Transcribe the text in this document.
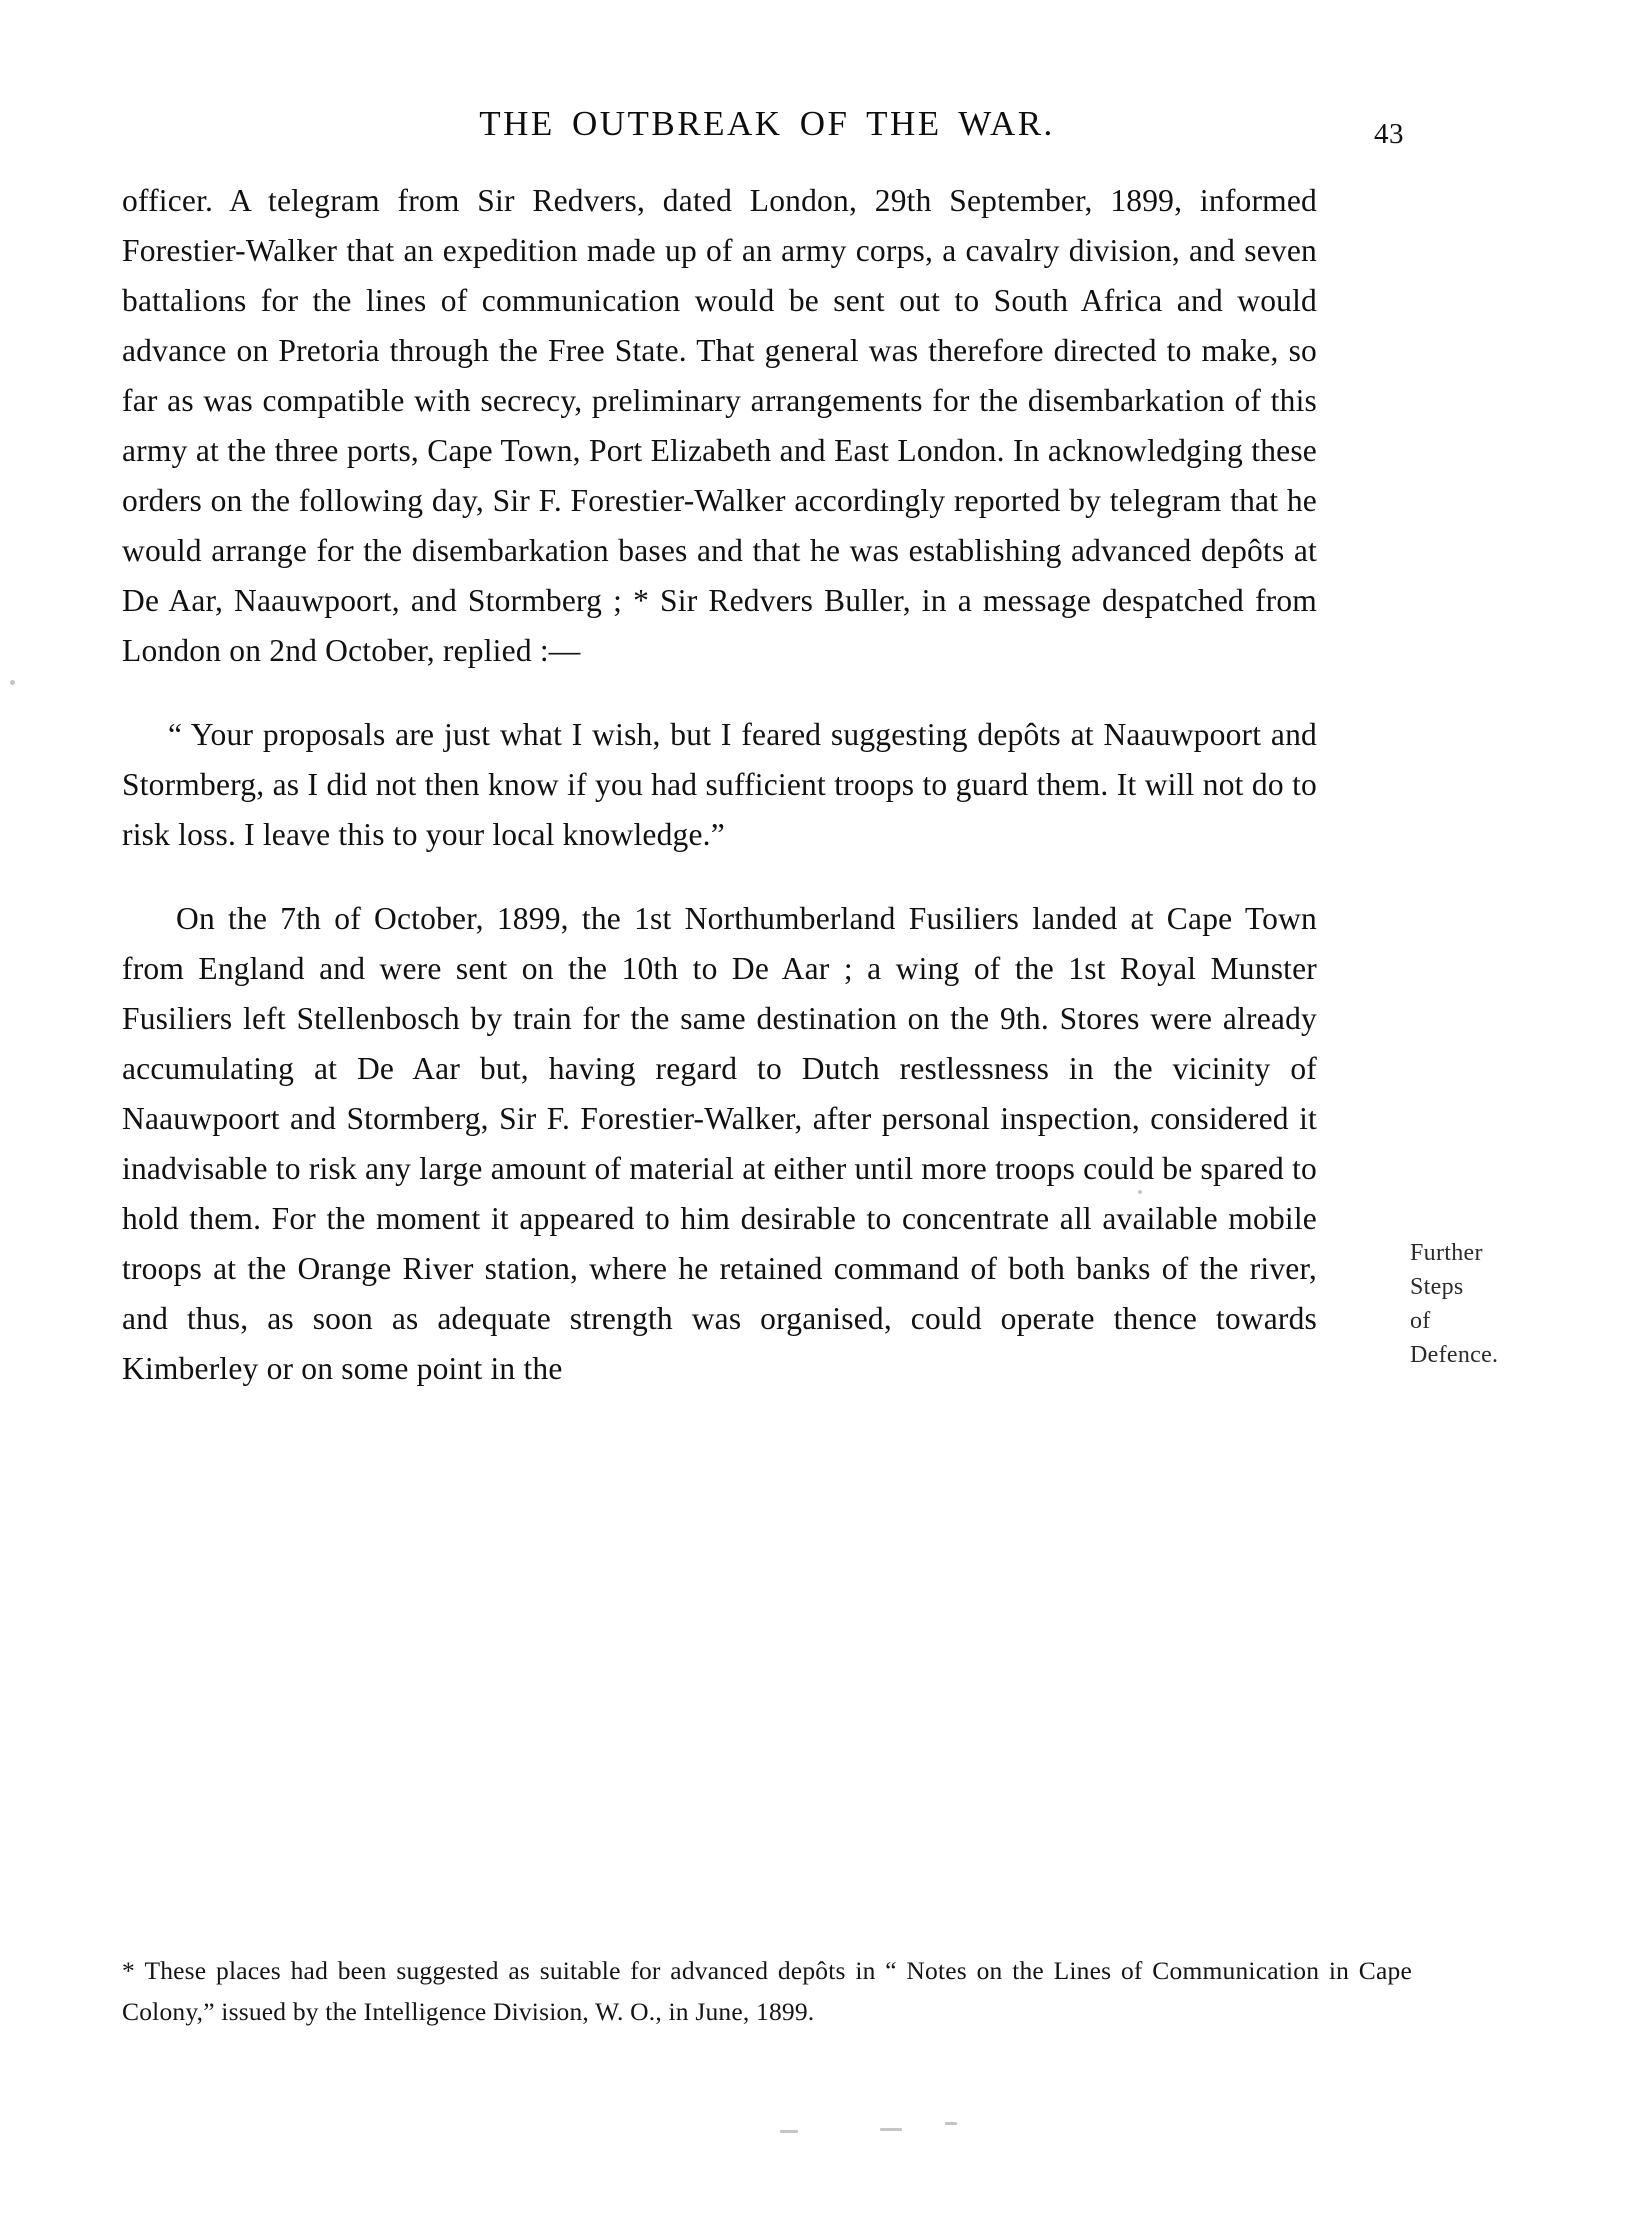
THE OUTBREAK OF THE WAR.	43

officer. A telegram from Sir Redvers, dated London, 29th September, 1899, informed Forestier-Walker that an expedition made up of an army corps, a cavalry division, and seven battalions for the lines of communication would be sent out to South Africa and would advance on Pretoria through the Free State. That general was therefore directed to make, so far as was compatible with secrecy, preliminary arrangements for the disembarkation of this army at the three ports, Cape Town, Port Elizabeth and East London. In acknowledging these orders on the following day, Sir F. Forestier-Walker accordingly reported by telegram that he would arrange for the disembarkation bases and that he was establishing advanced depôts at De Aar, Naauwpoort, and Stormberg ; * Sir Redvers Buller, in a message despatched from London on 2nd October, replied :—

“ Your proposals are just what I wish, but I feared suggesting depôts at Naauwpoort and Stormberg, as I did not then know if you had sufficient troops to guard them. It will not do to risk loss. I leave this to your local knowledge.”

On the 7th of October, 1899, the 1st Northumberland Fusiliers landed at Cape Town from England and were sent on the 10th to De Aar ; a wing of the 1st Royal Munster Fusiliers left Stellenbosch by train for the same destination on the 9th. Stores were already accumulating at De Aar but, having regard to Dutch restlessness in the vicinity of Naauwpoort and Stormberg, Sir F. Forestier-Walker, after personal inspection, considered it inadvisable to risk any large amount of material at either until more troops could be spared to hold them. For the moment it appeared to him desirable to concentrate all available mobile troops at the Orange River station, where he retained command of both banks of the river, and thus, as soon as adequate strength was organised, could operate thence towards Kimberley or on some point in the

Further
Steps
of
Defence.
* These places had been suggested as suitable for advanced depôts in “ Notes on the Lines of Communication in Cape Colony,” issued by the Intelligence Division, W. O., in June, 1899.
